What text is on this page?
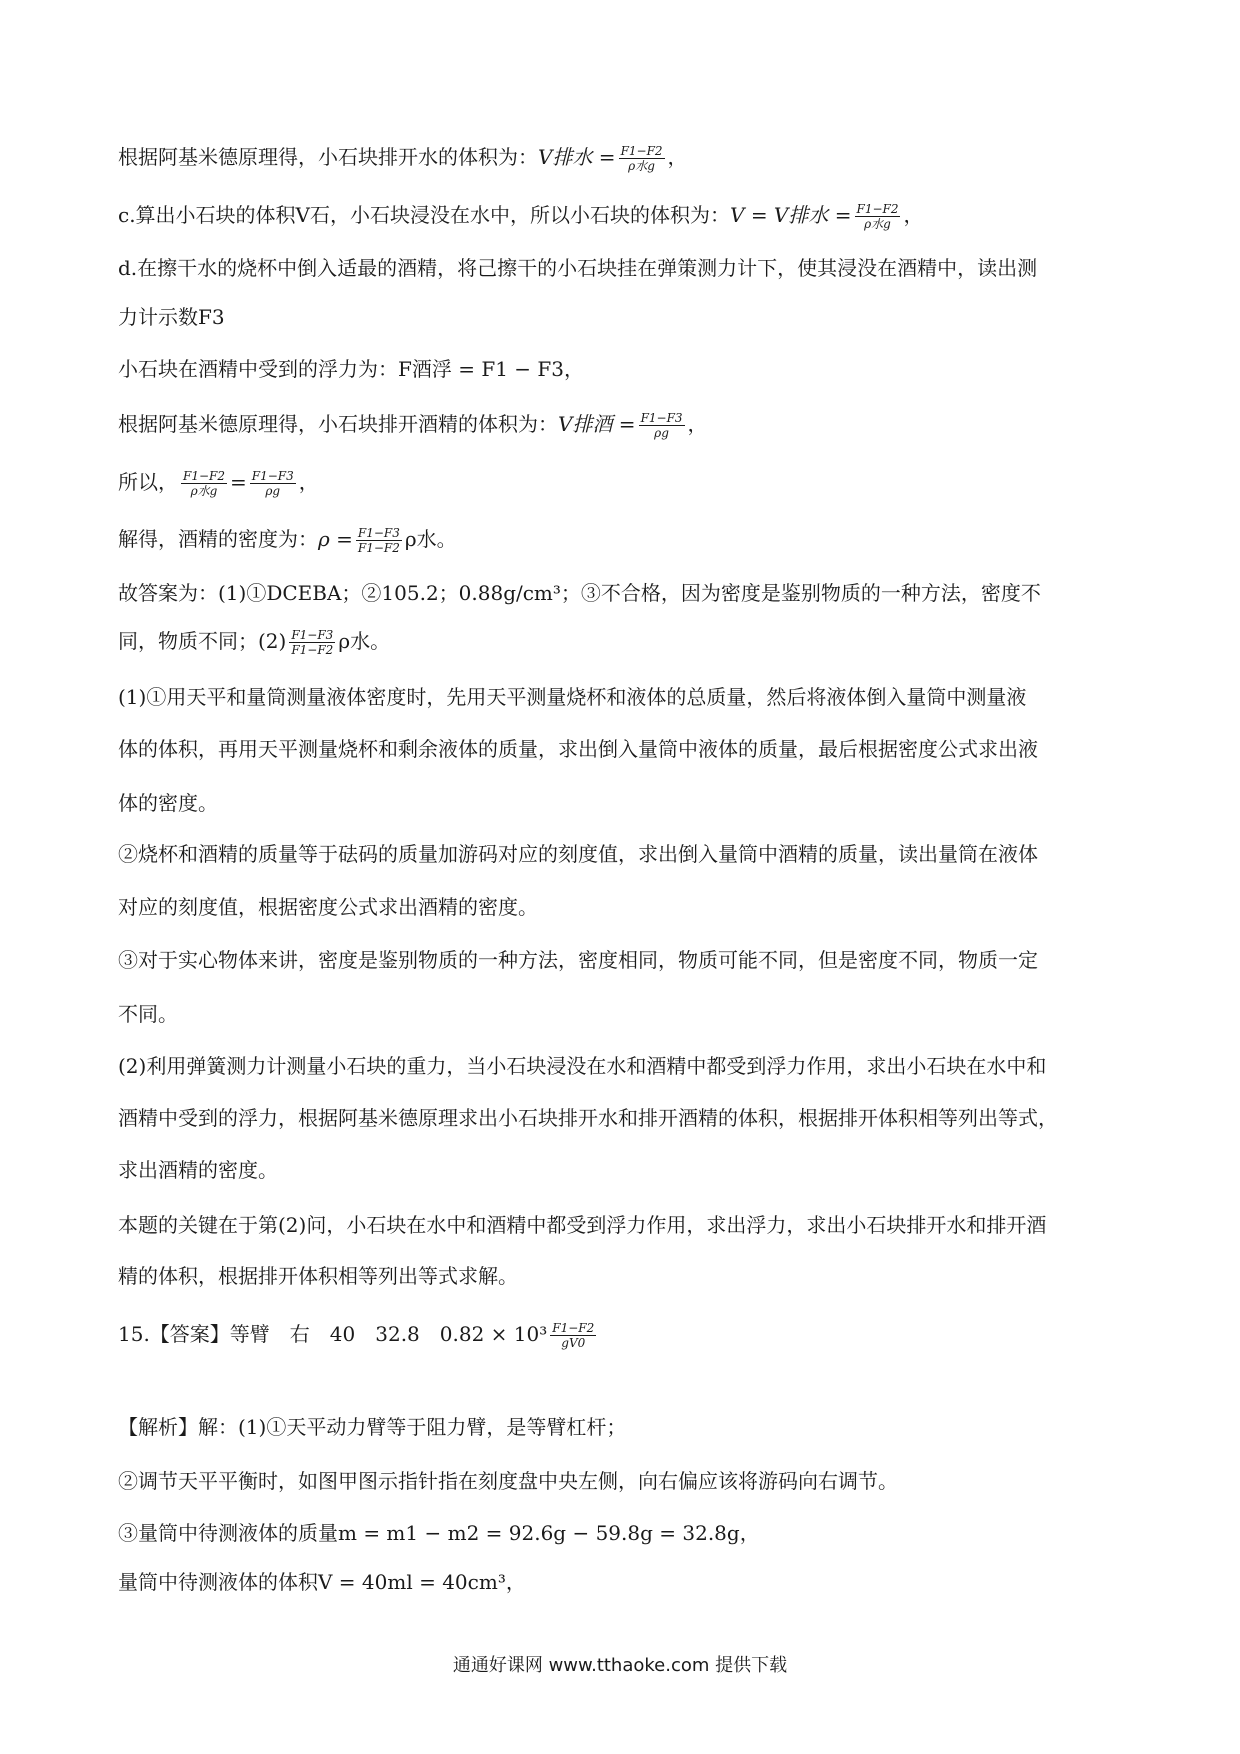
根据阿基米德原理得，小石块排开水的体积为：V排水 = $\frac{F1-F2}{\text{ρ水g}}$ ，
c.算出小石块的体积V石，小石块浸没在水中，所以小石块的体积为：V = V排水 = $\frac{F1-F2}{\text{ρ水g}}$ ，
d.在擦干水的烧杯中倒入适最的酒精，将己擦干的小石块挂在弹策测力计下，使其浸没在酒精中，读出测
力计示数F3
小石块在酒精中受到的浮力为：F酒浮 = F1 − F3，
根据阿基米德原理得，小石块排开酒精的体积为：V排酒 = $\frac{F1-F3}{\rho g}$ ，
所以， $\frac{F1-F2}{\text{ρ水g}} = \frac{F1-F3}{\rho g}$ ，
解得，酒精的密度为：$\rho = \frac{F1-F3}{F1-F2}$ ρ水。
故答案为：(1)①DCEBA；②105.2；0.88g/cm³；③不合格，因为密度是鉴别物质的一种方法，密度不
同，物质不同；$(2) \frac{F1-F3}{F1-F2}$ ρ水。
(1)①用天平和量筒测量液体密度时，先用天平测量烧杯和液体的总质量，然后将液体倒入量筒中测量液
体的体积，再用天平测量烧杯和剩余液体的质量，求出倒入量筒中液体的质量，最后根据密度公式求出液
体的密度。
②烧杯和酒精的质量等于砝码的质量加游码对应的刻度值，求出倒入量筒中酒精的质量，读出量筒在液体
对应的刻度值，根据密度公式求出酒精的密度。
③对于实心物体来讲，密度是鉴别物质的一种方法，密度相同，物质可能不同，但是密度不同，物质一定
不同。
(2)利用弹簧测力计测量小石块的重力，当小石块浸没在水和酒精中都受到浮力作用，求出小石块在水中和
酒精中受到的浮力，根据阿基米德原理求出小石块排开水和排开酒精的体积，根据排开体积相等列出等式，
求出酒精的密度。
本题的关键在于第(2)问，小石块在水中和酒精中都受到浮力作用，求出浮力，求出小石块排开水和排开酒
精的体积，根据排开体积相等列出等式求解。
15.【答案】等臂　右　40　32.8　$0.82 \times 10^3 \frac{F1-F2}{gV0}$
【解析】解：(1)①天平动力臂等于阻力臂，是等臂杠杆；
②调节天平平衡时，如图甲图示指针指在刻度盘中央左侧，向右偏应该将游码向右调节。
③量筒中待测液体的质量m = m1 − m2 = 92.6g − 59.8g = 32.8g，
量筒中待测液体的体积V = 40ml = 40cm³，
通通好课网 www.tthaoke.com 提供下载
